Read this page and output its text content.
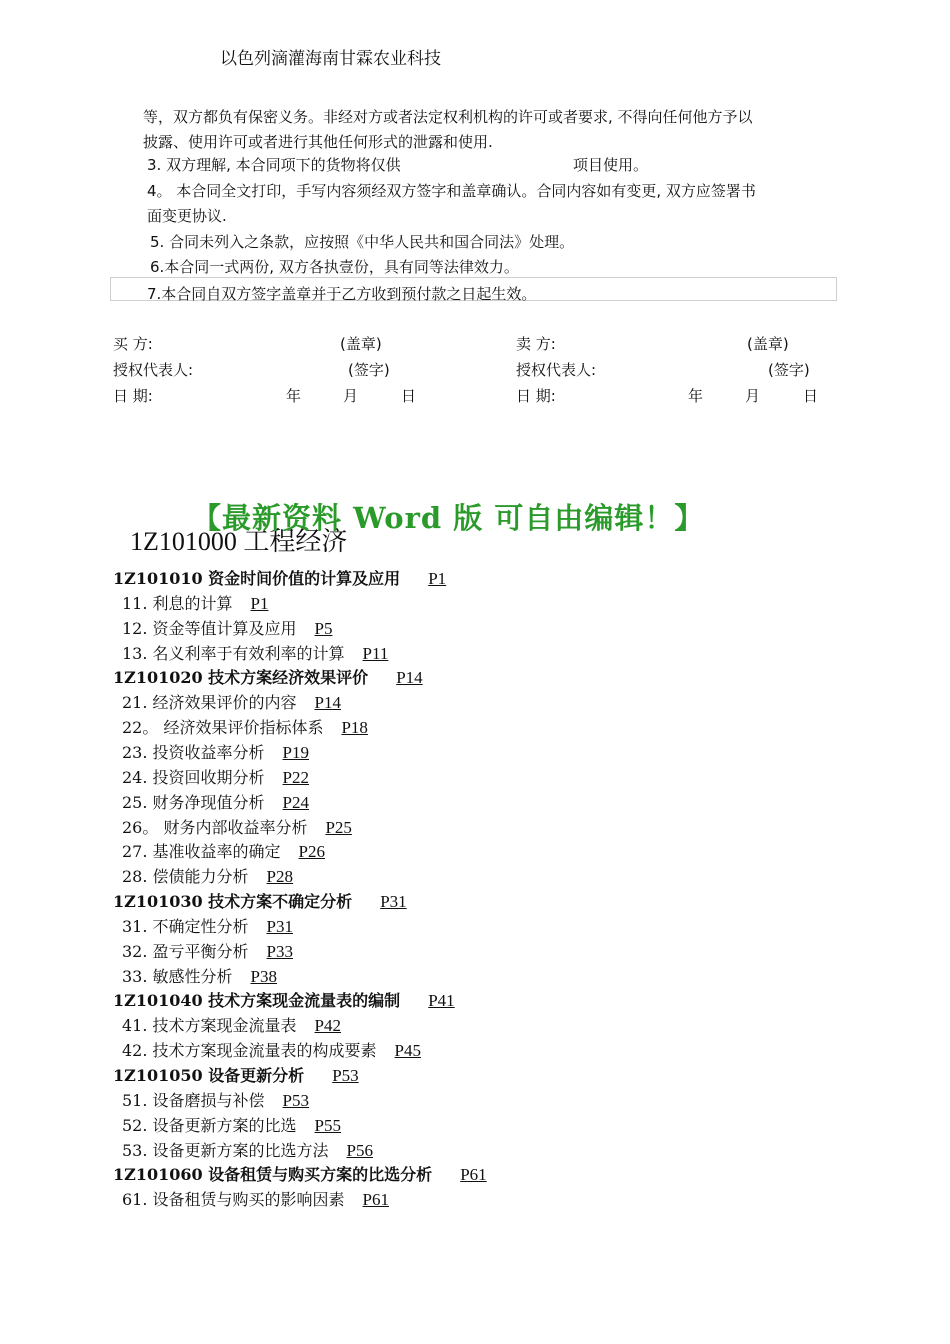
以色列滴灌海南甘霖农业科技
等，双方都负有保密义务。非经对方或者法定权利机构的许可或者要求, 不得向任何他方予以
披露、使用许可或者进行其他任何形式的泄露和使用.
3. 双方理解, 本合同项下的货物将仅供	项目使用。
4。 本合同全文打印，手写内容须经双方签字和盖章确认。合同内容如有变更, 双方应签署书
面变更协议.
5. 合同未列入之条款，应按照《中华人民共和国合同法》处理。
6.本合同一式两份, 双方各执壹份，具有同等法律效力。
7.本合同自双方签字盖章并于乙方收到预付款之日起生效。
买 方:	(盖章)
授权代表人:	(签字)
日 期:	年	月	日
卖 方:	(盖章)
授权代表人:	(签字)
日 期:	年	月	日
1Z101000 工程经济
【最新资料 Word 版 可自由编辑！】
1Z101010 资金时间价值的计算及应用 P1
11. 利息的计算 P1
12. 资金等值计算及应用 P5
13. 名义利率于有效利率的计算 P11
1Z101020 技术方案经济效果评价 P14
21. 经济效果评价的内容 P14
22。 经济效果评价指标体系 P18
23. 投资收益率分析 P19
24. 投资回收期分析 P22
25. 财务净现值分析 P24
26。 财务内部收益率分析 P25
27. 基准收益率的确定 P26
28. 偿债能力分析 P28
1Z101030 技术方案不确定分析 P31
31. 不确定性分析 P31
32. 盈亏平衡分析 P33
33. 敏感性分析 P38
1Z101040 技术方案现金流量表的编制 P41
41. 技术方案现金流量表 P42
42. 技术方案现金流量表的构成要素 P45
1Z101050 设备更新分析 P53
51. 设备磨损与补偿 P53
52. 设备更新方案的比选 P55
53. 设备更新方案的比选方法 P56
1Z101060 设备租赁与购买方案的比选分析 P61
61. 设备租赁与购买的影响因素 P61
